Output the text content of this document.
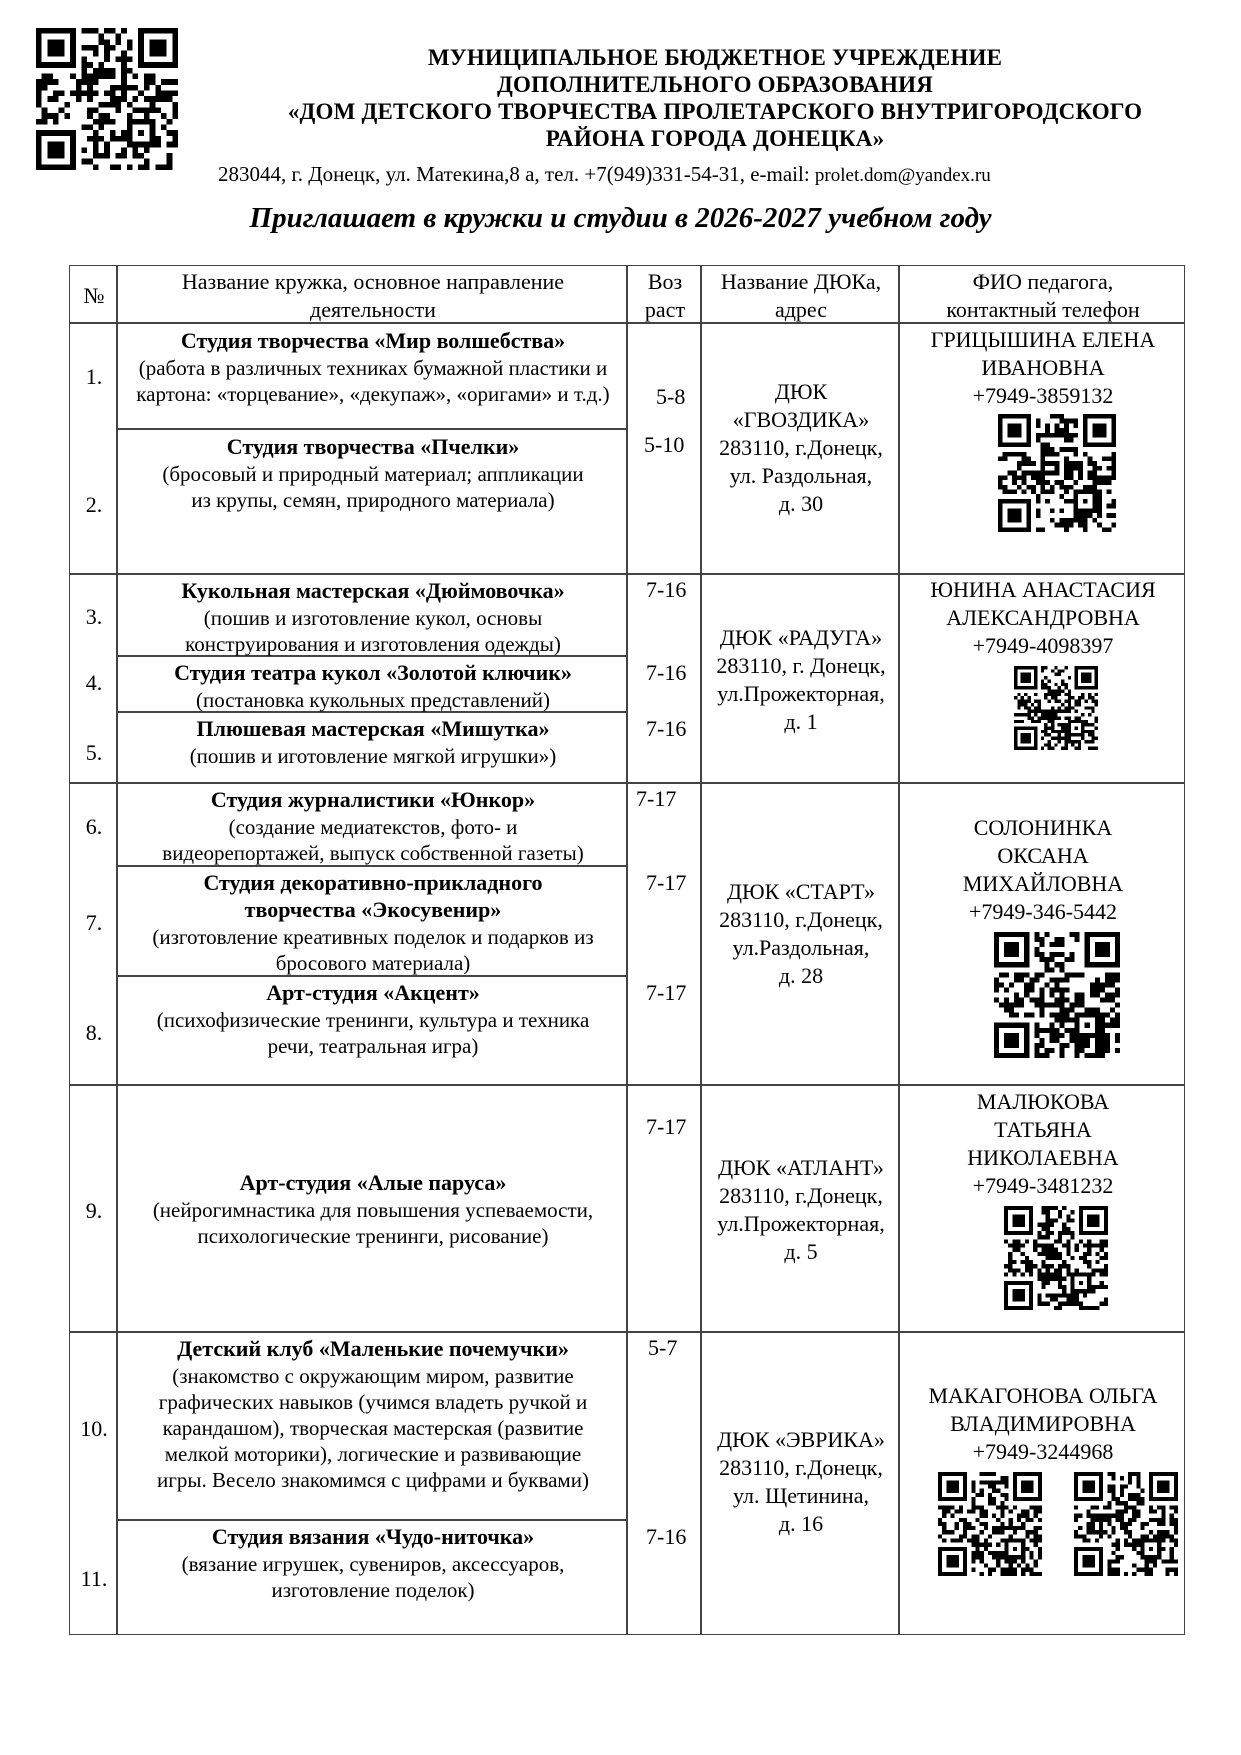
МУНИЦИПАЛЬНОЕ БЮДЖЕТНОЕ УЧРЕЖДЕНИЕ
ДОПОЛНИТЕЛЬНОГО ОБРАЗОВАНИЯ
«ДОМ ДЕТСКОГО ТВОРЧЕСТВА ПРОЛЕТАРСКОГО ВНУТРИГОРОДСКОГО
РАЙОНА ГОРОДА ДОНЕЦКА»
283044, г. Донецк, ул. Матекина,8 а, тел. +7(949)331-54-31, e-mail: prolet.dom@yandex.ru
Приглашает в кружки и студии в 2026-2027 учебном году
№
Название кружка, основное направление
деятельности
Воз
раст
Название ДЮКа,
адрес
ФИО педагога,
контактный телефон
1.
Студия творчества «Мир волшебства»
(работа в различных техниках бумажной пластики и
картона: «торцевание», «декупаж», «оригами» и т.д.)	5-8
2.
Студия творчества «Пчелки»
(бросовый и природный материал; аппликации
из крупы, семян, природного материала)
5-10
3.
Кукольная мастерская «Дюймовочка»
(пошив и изготовление кукол, основы
конструирования и изготовления одежды)
7-16
4.	Студия театра кукол «Золотой ключик»
(постановка кукольных представлений)
7-16
5.
Плюшевая мастерская «Мишутка»
(пошив и иготовление мягкой игрушки»)
7-16
6.
Студия журналистики «Юнкор»
(создание медиатекстов, фото- и
видеорепортажей, выпуск собственной газеты)
7-17
7.
Студия декоративно-прикладного
творчества «Экосувенир»
(изготовление креативных поделок и подарков из
бросового материала)
7-17
8.
Арт-студия «Акцент»
(психофизические тренинги, культура и техника
речи, театральная игра)
7-17
9.
Арт-студия «Алые паруса»
(нейрогимнастика для повышения успеваемости,
психологические тренинги, рисование)
7-17
10.
Детский клуб «Маленькие почемучки»
(знакомство с окружающим миром, развитие
графических навыков (учимся владеть ручкой и
карандашом), творческая мастерская (развитие
мелкой моторики), логические и развивающие
игры. Весело знакомимся с цифрами и буквами)
5-7
11.
Студия вязания «Чудо-ниточка»
(вязание игрушек, сувениров, аксессуаров,
изготовление поделок)
7-16
ДЮК
«ГВОЗДИКА»
283110, г.Донецк,
ул. Раздольная,
д. 30
ДЮК «РАДУГА»
283110, г. Донецк,
ул.Прожекторная,
д. 1
ДЮК «СТАРТ»
283110, г.Донецк,
ул.Раздольная,
д. 28
ДЮК «АТЛАНТ»
283110, г.Донецк,
ул.Прожекторная,
д. 5
ДЮК «ЭВРИКА»
283110, г.Донецк,
ул. Щетинина,
д. 16
ГРИЦЫШИНА ЕЛЕНА
ИВАНОВНА
+7949-3859132
ЮНИНА АНАСТАСИЯ
АЛЕКСАНДРОВНА
+7949-4098397
СОЛОНИНКА
ОКСАНА
МИХАЙЛОВНА
+7949-346-5442
МАЛЮКОВА
ТАТЬЯНА
НИКОЛАЕВНА
+7949-3481232
МАКАГОНОВА ОЛЬГА
ВЛАДИМИРОВНА
+7949-3244968
